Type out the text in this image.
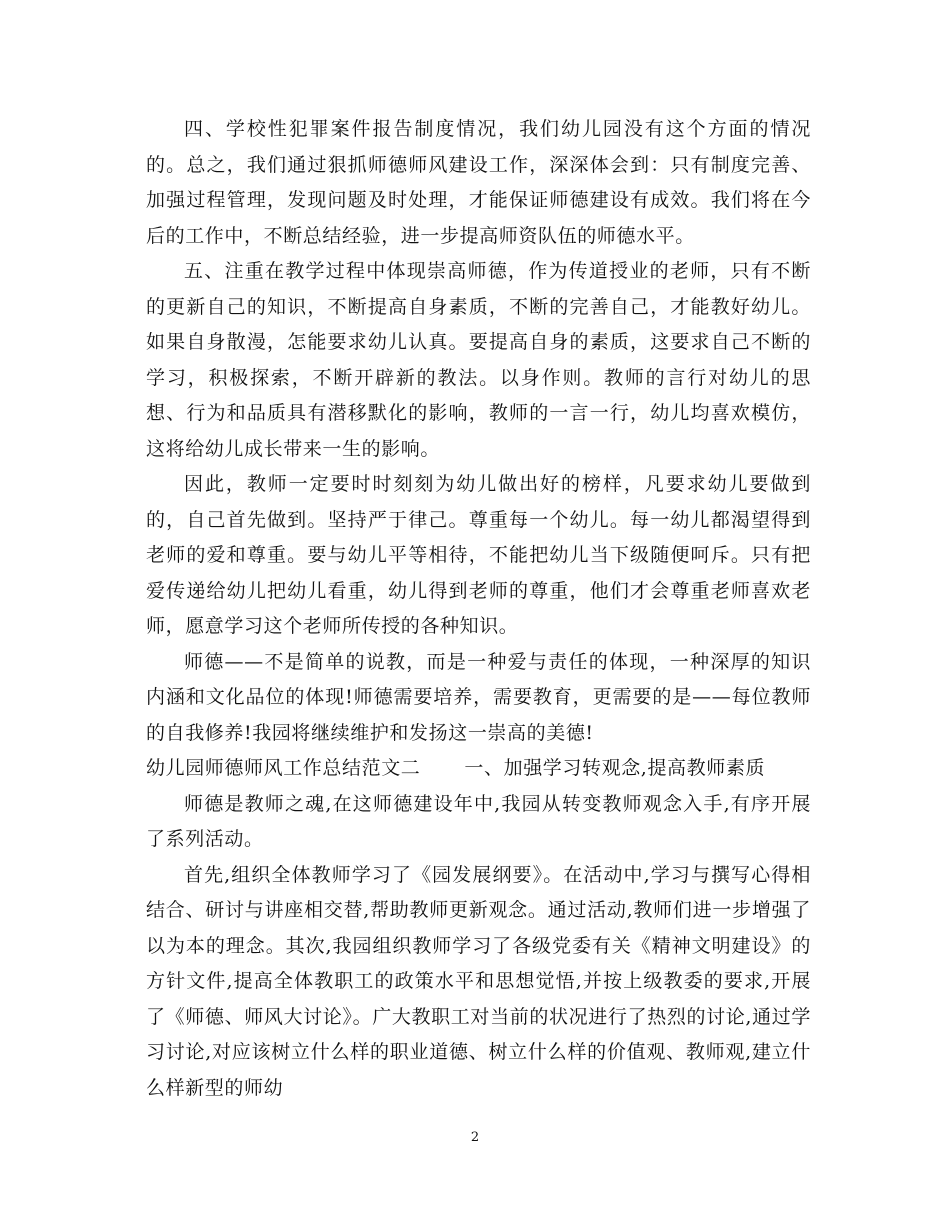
四、学校性犯罪案件报告制度情况，我们幼儿园没有这个方面的情况的。总之，我们通过狠抓师德师风建设工作，深深体会到：只有制度完善、加强过程管理，发现问题及时处理，才能保证师德建设有成效。我们将在今后的工作中，不断总结经验，进一步提高师资队伍的师德水平。

五、注重在教学过程中体现崇高师德，作为传道授业的老师，只有不断的更新自己的知识，不断提高自身素质，不断的完善自己，才能教好幼儿。如果自身散漫，怎能要求幼儿认真。要提高自身的素质，这要求自己不断的学习，积极探索，不断开辟新的教法。以身作则。教师的言行对幼儿的思想、行为和品质具有潜移默化的影响，教师的一言一行，幼儿均喜欢模仿，这将给幼儿成长带来一生的影响。

因此，教师一定要时时刻刻为幼儿做出好的榜样，凡要求幼儿要做到的，自己首先做到。坚持严于律己。尊重每一个幼儿。每一幼儿都渴望得到老师的爱和尊重。要与幼儿平等相待，不能把幼儿当下级随便呵斥。只有把爱传递给幼儿把幼儿看重，幼儿得到老师的尊重，他们才会尊重老师喜欢老师，愿意学习这个老师所传授的各种知识。

师德——不是简单的说教，而是一种爱与责任的体现，一种深厚的知识内涵和文化品位的体现!师德需要培养，需要教育，更需要的是——每位教师的自我修养!我园将继续维护和发扬这一崇高的美德!

幼儿园师德师风工作总结范文二 一、加强学习转观念,提高教师素质

师德是教师之魂,在这师德建设年中,我园从转变教师观念入手,有序开展了系列活动。

首先,组织全体教师学习了《园发展纲要》。在活动中,学习与撰写心得相结合、研讨与讲座相交替,帮助教师更新观念。通过活动,教师们进一步增强了以为本的理念。其次,我园组织教师学习了各级党委有关《精神文明建设》的方针文件,提高全体教职工的政策水平和思想觉悟,并按上级教委的要求,开展了《师德、师风大讨论》。广大教职工对当前的状况进行了热烈的讨论,通过学习讨论,对应该树立什么样的职业道德、树立什么样的价值观、教师观,建立什么样新型的师幼

2
